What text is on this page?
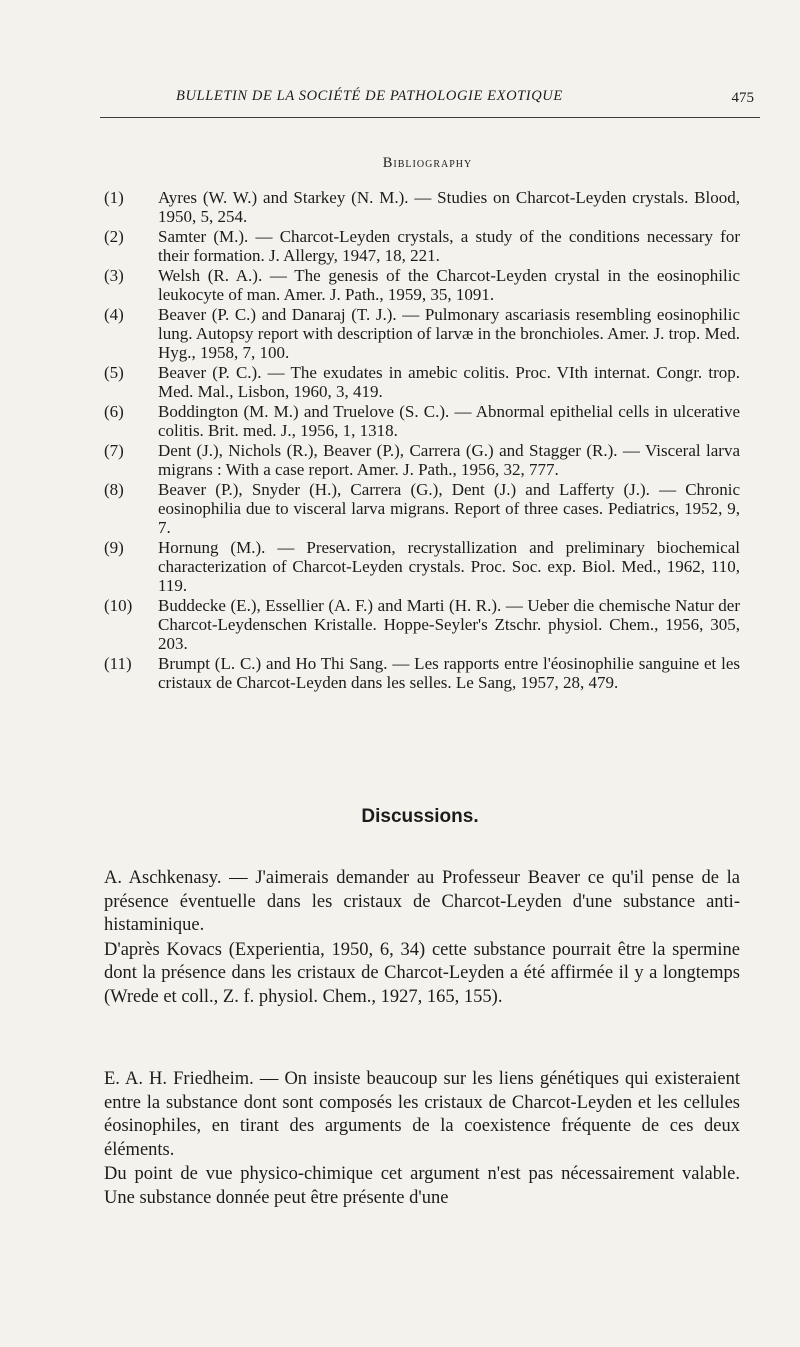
BULLETIN DE LA SOCIÉTÉ DE PATHOLOGIE EXOTIQUE	475
Bibliography
(1) Ayres (W. W.) and Starkey (N. M.). — Studies on Charcot-Leyden crystals. Blood, 1950, 5, 254.
(2) Samter (M.). — Charcot-Leyden crystals, a study of the conditions necessary for their formation. J. Allergy, 1947, 18, 221.
(3) Welsh (R. A.). — The genesis of the Charcot-Leyden crystal in the eosinophilic leukocyte of man. Amer. J. Path., 1959, 35, 1091.
(4) Beaver (P. C.) and Danaraj (T. J.). — Pulmonary ascariasis resembling eosinophilic lung. Autopsy report with description of larvæ in the bronchioles. Amer. J. trop. Med. Hyg., 1958, 7, 100.
(5) Beaver (P. C.). — The exudates in amebic colitis. Proc. VIth internat. Congr. trop. Med. Mal., Lisbon, 1960, 3, 419.
(6) Boddington (M. M.) and Truelove (S. C.). — Abnormal epithelial cells in ulcerative colitis. Brit. med. J., 1956, 1, 1318.
(7) Dent (J.), Nichols (R.), Beaver (P.), Carrera (G.) and Stagger (R.). — Visceral larva migrans : With a case report. Amer. J. Path., 1956, 32, 777.
(8) Beaver (P.), Snyder (H.), Carrera (G.), Dent (J.) and Lafferty (J.). — Chronic eosinophilia due to visceral larva migrans. Report of three cases. Pediatrics, 1952, 9, 7.
(9) Hornung (M.). — Preservation, recrystallization and preliminary biochemical characterization of Charcot-Leyden crystals. Proc. Soc. exp. Biol. Med., 1962, 110, 119.
(10) Buddecke (E.), Essellier (A. F.) and Marti (H. R.). — Ueber die chemische Natur der Charcot-Leydenschen Kristalle. Hoppe-Seyler's Ztschr. physiol. Chem., 1956, 305, 203.
(11) Brumpt (L. C.) and Ho Thi Sang. — Les rapports entre l'éosinophilie sanguine et les cristaux de Charcot-Leyden dans les selles. Le Sang, 1957, 28, 479.
Discussions.

A. Aschkenasy. — J'aimerais demander au Professeur Beaver ce qu'il pense de la présence éventuelle dans les cristaux de Charcot-Leyden d'une substance anti-histaminique.

D'après Kovacs (Experientia, 1950, 6, 34) cette substance pourrait être la spermine dont la présence dans les cristaux de Charcot-Leyden a été affirmée il y a longtemps (Wrede et coll., Z. f. physiol. Chem., 1927, 165, 155).

E. A. H. Friedheim. — On insiste beaucoup sur les liens génétiques qui existeraient entre la substance dont sont composés les cristaux de Charcot-Leyden et les cellules éosinophiles, en tirant des arguments de la coexistence fréquente de ces deux éléments.

Du point de vue physico-chimique cet argument n'est pas nécessairement valable. Une substance donnée peut être présente d'une
